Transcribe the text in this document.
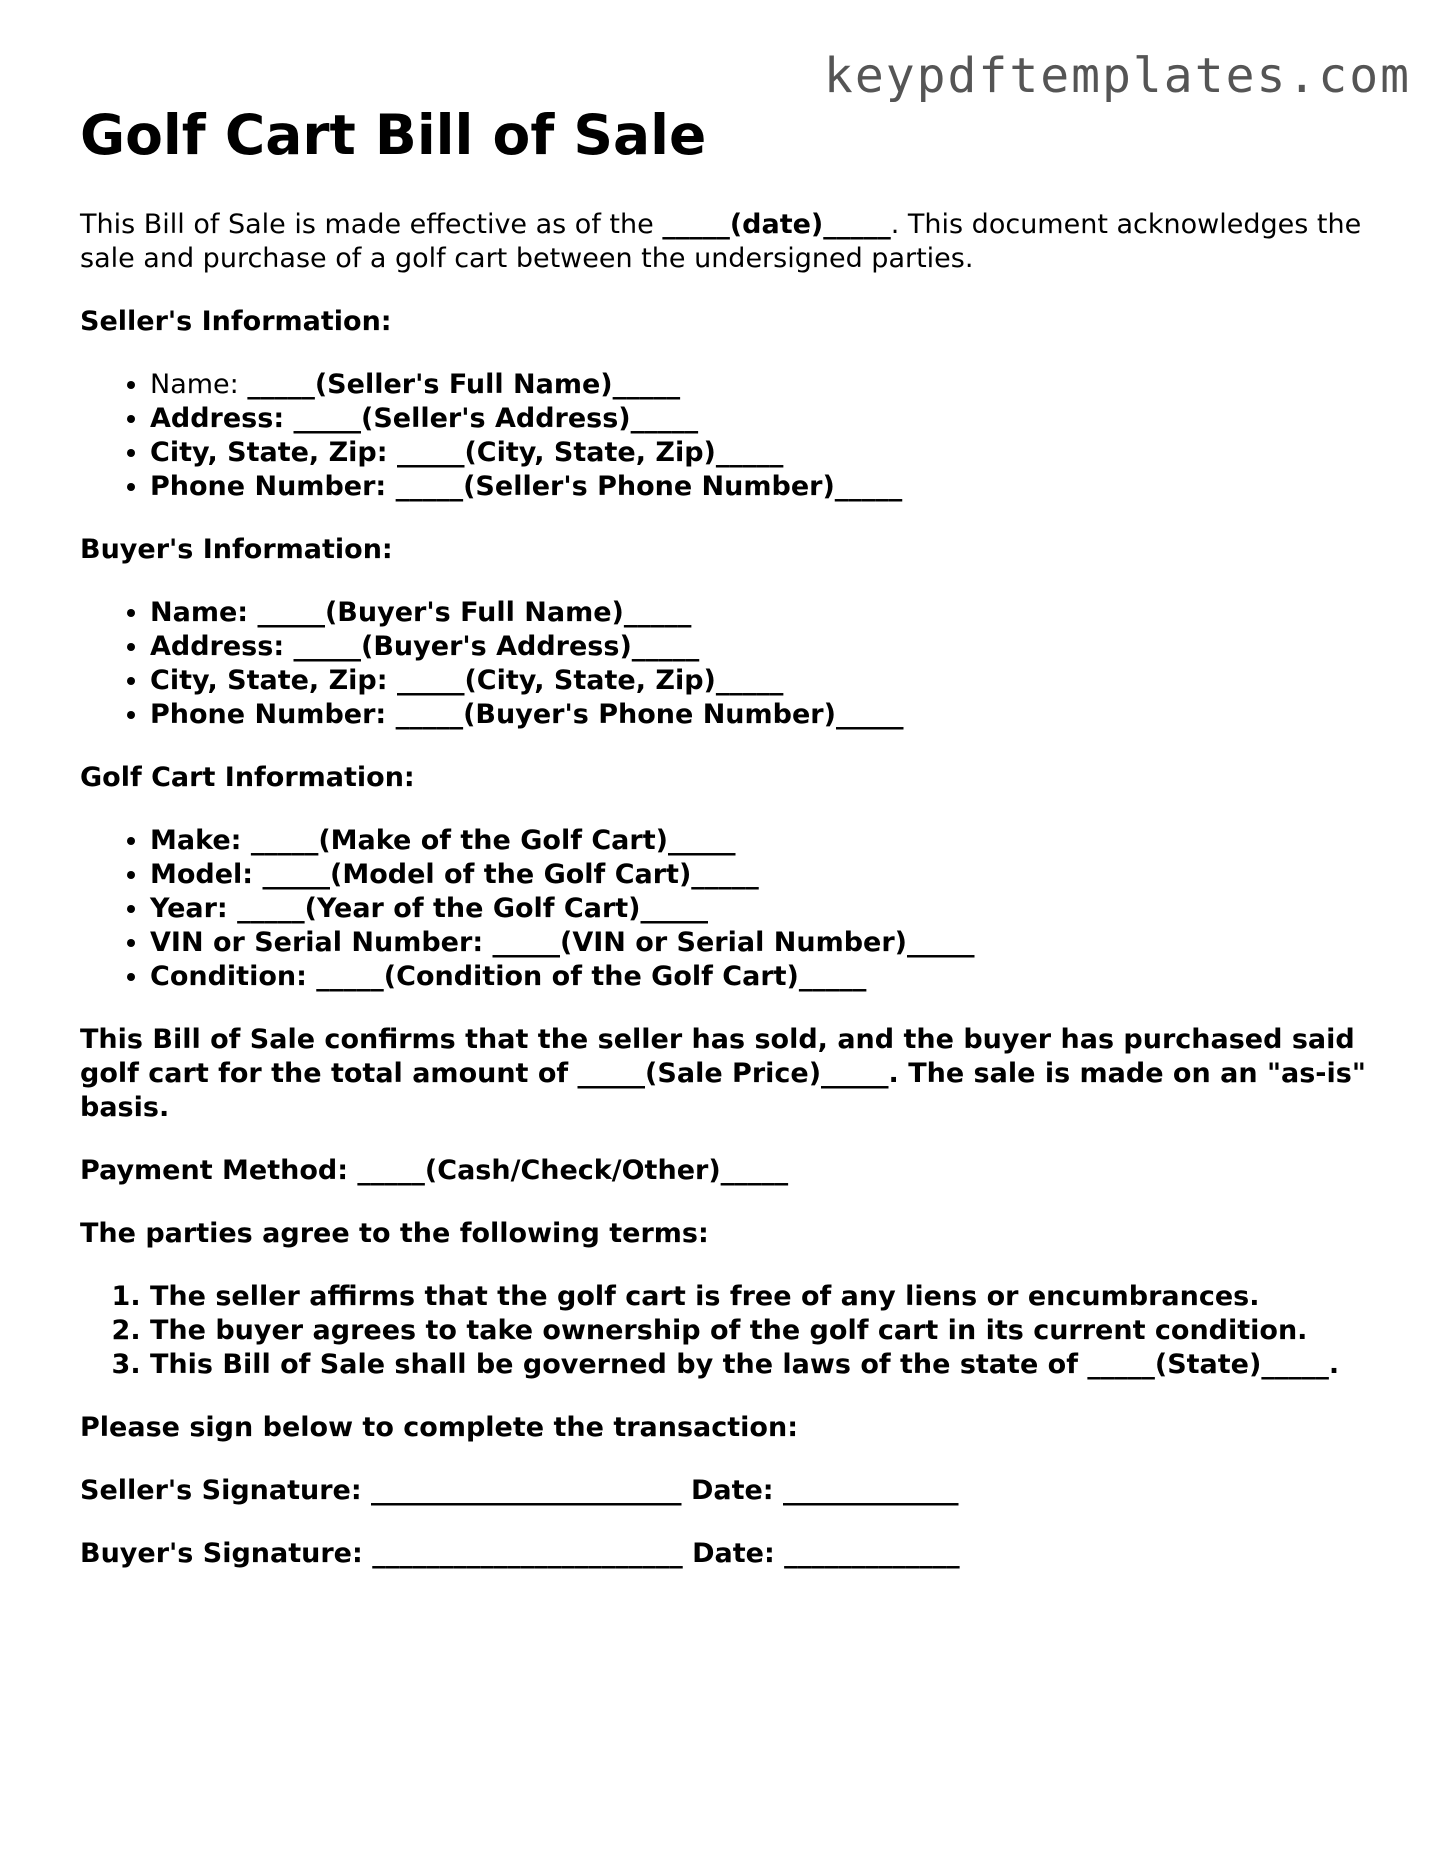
keypdftemplates.com
Golf Cart Bill of Sale

This Bill of Sale is made effective as of the _____(date)_____. This document acknowledges the sale and purchase of a golf cart between the undersigned parties.

Seller's Information:

• Name: _____(Seller's Full Name)_____
• Address: _____(Seller's Address)_____
• City, State, Zip: _____(City, State, Zip)_____
• Phone Number: _____(Seller's Phone Number)_____

Buyer's Information:

• Name: _____(Buyer's Full Name)_____
• Address: _____(Buyer's Address)_____
• City, State, Zip: _____(City, State, Zip)_____
• Phone Number: _____(Buyer's Phone Number)_____

Golf Cart Information:

• Make: _____(Make of the Golf Cart)_____
• Model: _____(Model of the Golf Cart)_____
• Year: _____(Year of the Golf Cart)_____
• VIN or Serial Number: _____(VIN or Serial Number)_____
• Condition: _____(Condition of the Golf Cart)_____

This Bill of Sale confirms that the seller has sold, and the buyer has purchased said golf cart for the total amount of _____(Sale Price)_____. The sale is made on an "as-is" basis.

Payment Method: _____(Cash/Check/Other)_____

The parties agree to the following terms:

1. The seller affirms that the golf cart is free of any liens or encumbrances.
2. The buyer agrees to take ownership of the golf cart in its current condition.
3. This Bill of Sale shall be governed by the laws of the state of _____(State)_____.

Please sign below to complete the transaction:

Seller's Signature: _______________________ Date: _____________

Buyer's Signature: _______________________ Date: _____________
